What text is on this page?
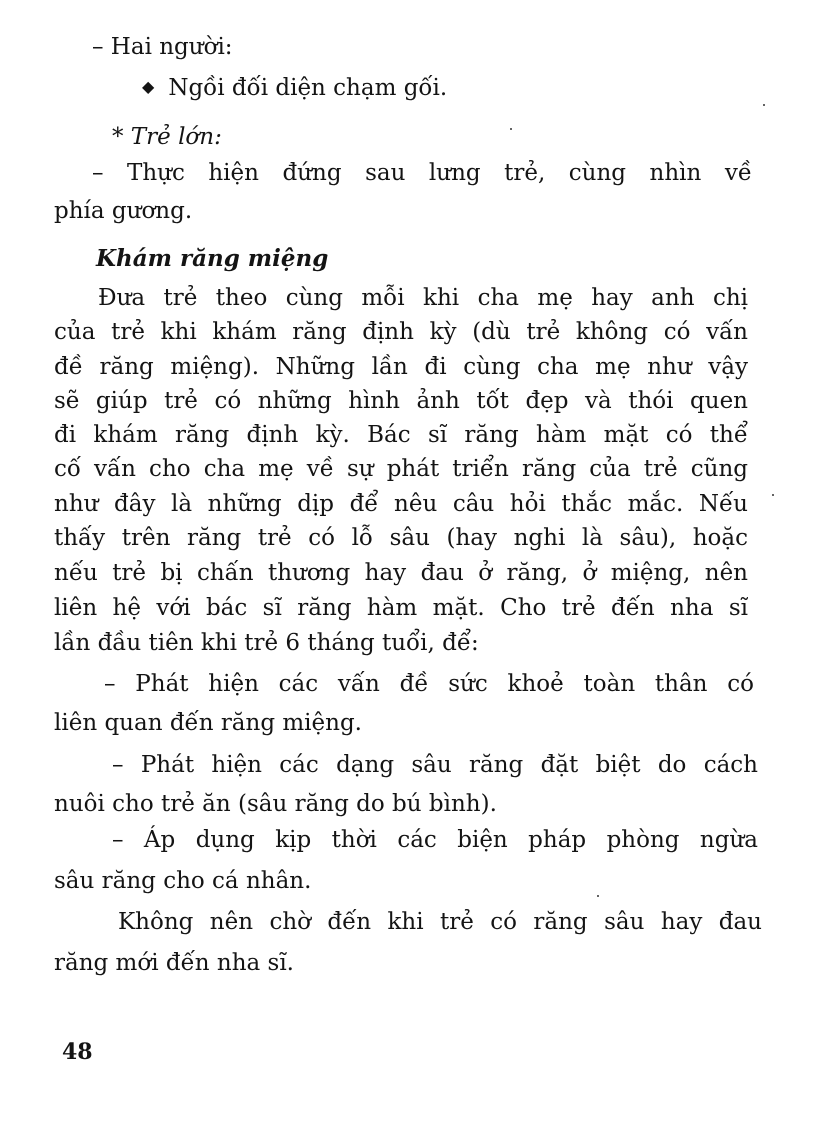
– Hai người:
◆ Ngồi đối diện chạm gối.
* Trẻ lớn:
– Thực hiện đứng sau lưng trẻ, cùng nhìn về
phía gương.
Khám răng miệng
Đưa trẻ theo cùng mỗi khi cha mẹ hay anh chị
của trẻ khi khám răng định kỳ (dù trẻ không có vấn
đề răng miệng). Những lần đi cùng cha mẹ như vậy
sẽ giúp trẻ có những hình ảnh tốt đẹp và thói quen
đi khám răng định kỳ. Bác sĩ răng hàm mặt có thể
cố vấn cho cha mẹ về sự phát triển răng của trẻ cũng
như đây là những dịp để nêu câu hỏi thắc mắc. Nếu
thấy trên răng trẻ có lỗ sâu (hay nghi là sâu), hoặc
nếu trẻ bị chấn thương hay đau ở răng, ở miệng, nên
liên hệ với bác sĩ răng hàm mặt. Cho trẻ đến nha sĩ
lần đầu tiên khi trẻ 6 tháng tuổi, để:
– Phát hiện các vấn đề sức khoẻ toàn thân có
liên quan đến răng miệng.
– Phát hiện các dạng sâu răng đặt biệt do cách
nuôi cho trẻ ăn (sâu răng do bú bình).
– Áp dụng kịp thời các biện pháp phòng ngừa
sâu răng cho cá nhân.
Không nên chờ đến khi trẻ có răng sâu hay đau
răng mới đến nha sĩ.
48
